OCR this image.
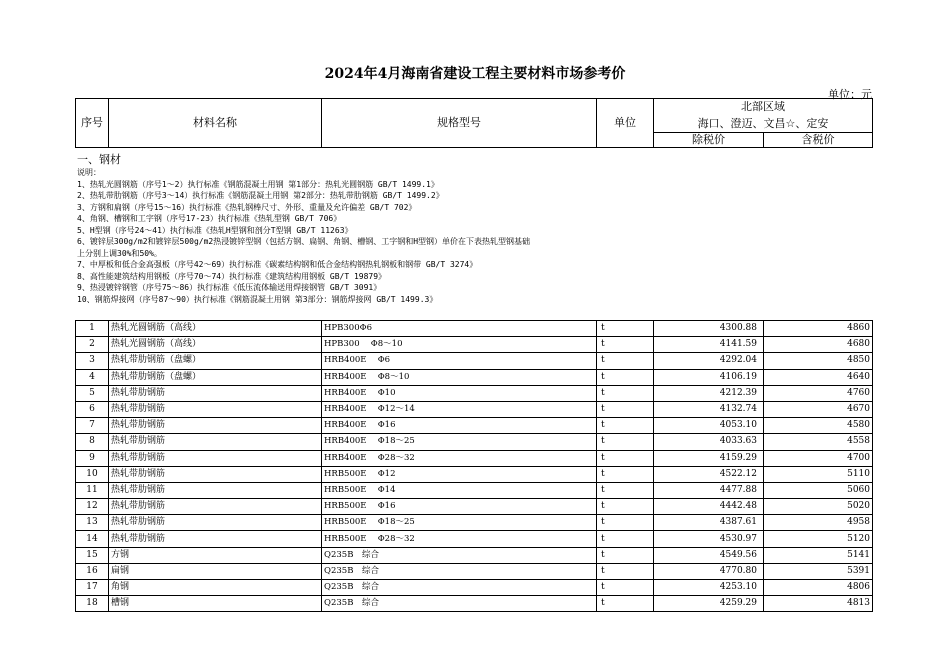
2024年4月海南省建设工程主要材料市场参考价
单位：元
序号	材料名称	规格型号	单位	北部区域	
				海口、澄迈、文昌☆、定安	
				除税价	含税价
一、钢材
说明：
1、热轧光圆钢筋（序号1～2）执行标准《钢筋混凝土用钢 第1部分：热轧光圆钢筋 GB/T 1499.1》
2、热轧带肋钢筋（序号3～14）执行标准《钢筋混凝土用钢 第2部分：热轧带肋钢筋 GB/T 1499.2》
3、方钢和扁钢（序号15～16）执行标准《热轧钢棒尺寸、外形、重量及允许偏差 GB/T 702》
4、角钢、槽钢和工字钢（序号17-23）执行标准《热轧型钢 GB/T 706》
5、H型钢（序号24～41）执行标准《热轧H型钢和剖分T型钢 GB/T 11263》
6、镀锌层300g/m2和镀锌层500g/m2热浸镀锌型钢（包括方钢、扁钢、角钢、槽钢、工字钢和H型钢）单价在下表热轧型钢基础
上分别上调30%和50%。
7、中厚板和低合金高强板（序号42～69）执行标准《碳素结构钢和低合金结构钢热轧钢板和钢带 GB/T 3274》
8、高性能建筑结构用钢板（序号70～74）执行标准《建筑结构用钢板 GB/T 19879》
9、热浸镀锌钢管（序号75～86）执行标准《低压流体输送用焊接钢管 GB/T 3091》
10、钢筋焊接网（序号87～90）执行标准《钢筋混凝土用钢 第3部分：钢筋焊接网 GB/T 1499.3》
1	热轧光圆钢筋（高线）	HPB300Φ6	t	4300.88	4860
2	热轧光圆钢筋（高线）	HPB300　 Φ8～10	t	4141.59	4680
3	热轧带肋钢筋（盘螺）	HRB400E　 Φ6	t	4292.04	4850
4	热轧带肋钢筋（盘螺）	HRB400E　 Φ8～10	t	4106.19	4640
5	热轧带肋钢筋	HRB400E　 Φ10	t	4212.39	4760
6	热轧带肋钢筋	HRB400E　 Φ12～14	t	4132.74	4670
7	热轧带肋钢筋	HRB400E　 Φ16	t	4053.10	4580
8	热轧带肋钢筋	HRB400E　 Φ18～25	t	4033.63	4558
9	热轧带肋钢筋	HRB400E　 Φ28～32	t	4159.29	4700
10	热轧带肋钢筋	HRB500E　 Φ12	t	4522.12	5110
11	热轧带肋钢筋	HRB500E　 Φ14	t	4477.88	5060
12	热轧带肋钢筋	HRB500E　 Φ16	t	4442.48	5020
13	热轧带肋钢筋	HRB500E　 Φ18～25	t	4387.61	4958
14	热轧带肋钢筋	HRB500E　 Φ28～32	t	4530.97	5120
15	方钢	Q235B　综合	t	4549.56	5141
16	扁钢	Q235B　综合	t	4770.80	5391
17	角钢	Q235B　综合	t	4253.10	4806
18	槽钢	Q235B　综合	t	4259.29	4813
